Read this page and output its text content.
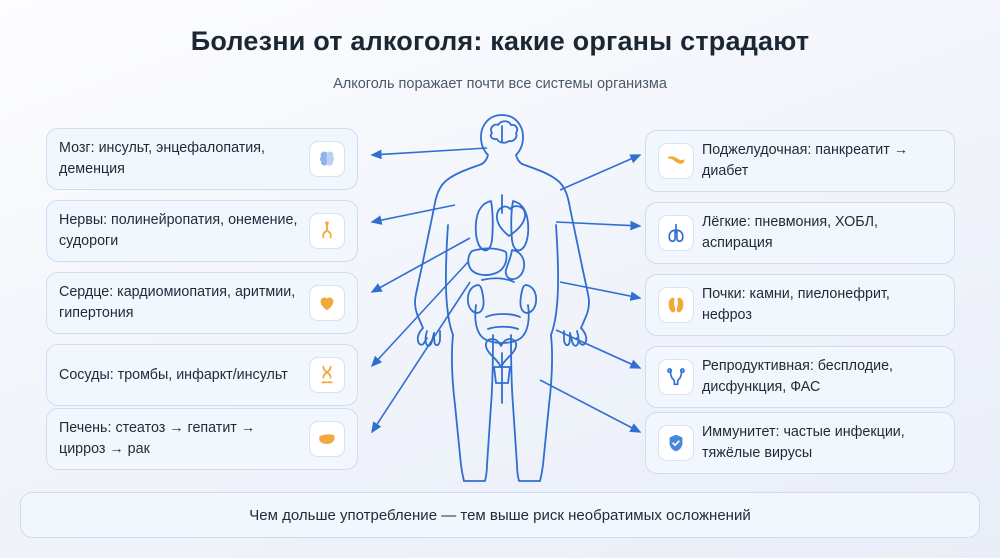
Болезни от алкоголя: какие органы страдают
Алкоголь поражает почти все системы организма
Мозг: инсульт, энцефалопатия, деменция
Нервы: полинейропатия, онемение, судороги
Сердце: кардиомиопатия, аритмии, гипертония
Сосуды: тромбы, инфаркт/инсульт
Печень: стеатоз → гепатит → цирроз → рак
Поджелудочная: панкреатит → диабет
Лёгкие: пневмония, ХОБЛ, аспирация
Почки: камни, пиелонефрит, нефроз
Репродуктивная: бесплодие, дисфункция, ФАС
Иммунитет: частые инфекции, тяжёлые вирусы
Чем дольше употребление — тем выше риск необратимых осложнений
